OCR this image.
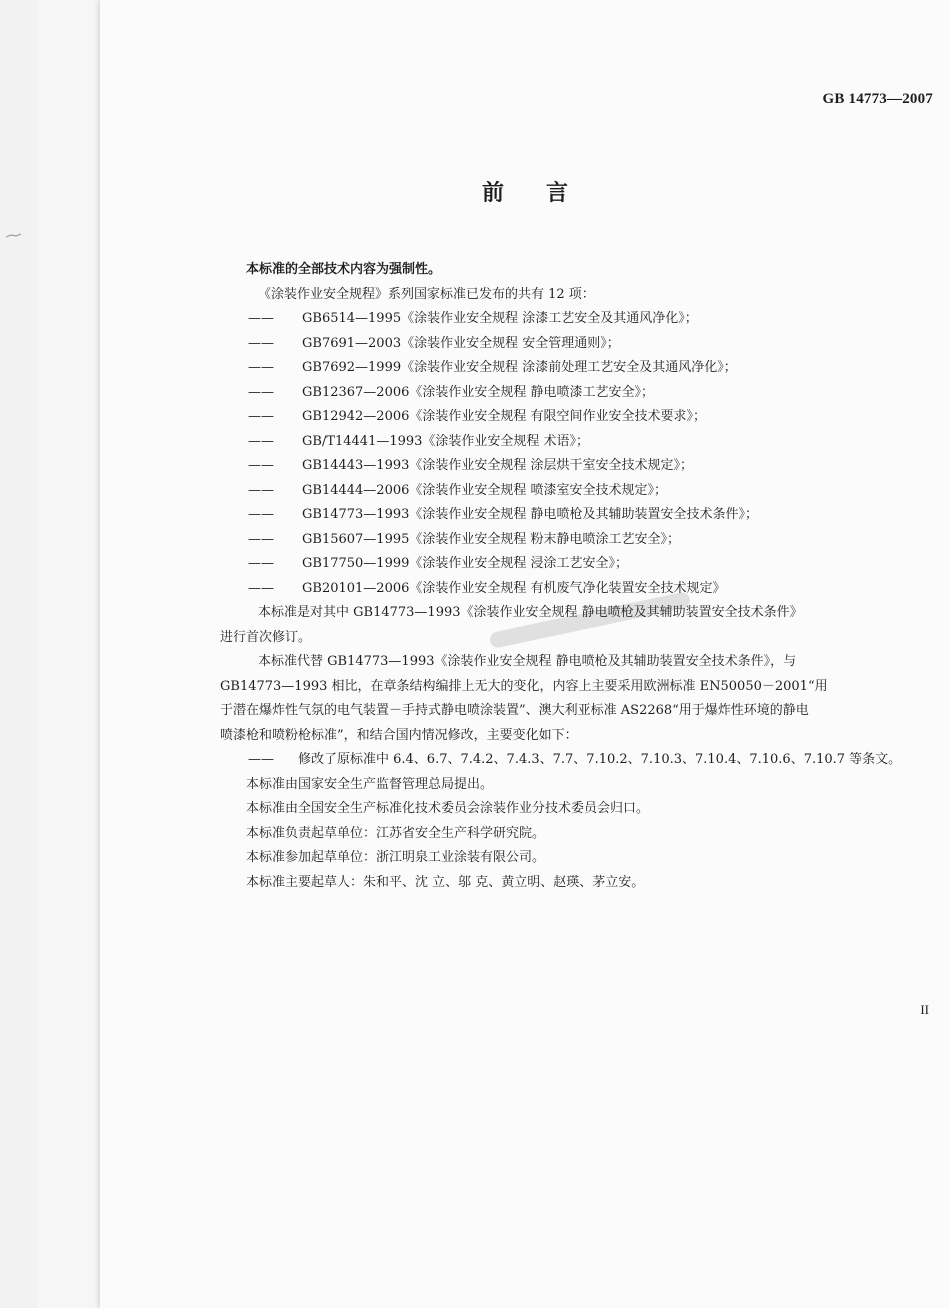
GB 14773—2007
前言
本标准的全部技术内容为强制性。
《涂装作业安全规程》系列国家标准已发布的共有 12 项：
——	GB6514—1995《涂装作业安全规程 涂漆工艺安全及其通风净化》；
——	GB7691—2003《涂装作业安全规程 安全管理通则》；
——	GB7692—1999《涂装作业安全规程 涂漆前处理工艺安全及其通风净化》；
——	GB12367—2006《涂装作业安全规程 静电喷漆工艺安全》；
——	GB12942—2006《涂装作业安全规程 有限空间作业安全技术要求》；
——	GB/T14441—1993《涂装作业安全规程 术语》；
——	GB14443—1993《涂装作业安全规程 涂层烘干室安全技术规定》；
——	GB14444—2006《涂装作业安全规程 喷漆室安全技术规定》；
——	GB14773—1993《涂装作业安全规程 静电喷枪及其辅助装置安全技术条件》；
——	GB15607—1995《涂装作业安全规程 粉末静电喷涂工艺安全》；
——	GB17750—1999《涂装作业安全规程 浸涂工艺安全》；
——	GB20101—2006《涂装作业安全规程 有机废气净化装置安全技术规定》
本标准是对其中 GB14773—1993《涂装作业安全规程 静电喷枪及其辅助装置安全技术条件》
进行首次修订。
本标准代替 GB14773—1993《涂装作业安全规程 静电喷枪及其辅助装置安全技术条件》，与
GB14773—1993 相比，在章条结构编排上无大的变化，内容上主要采用欧洲标准 EN50050－2001“用
于潜在爆炸性气氛的电气装置－手持式静电喷涂装置”、澳大利亚标准 AS2268“用于爆炸性环境的静电
喷漆枪和喷粉枪标准”，和结合国内情况修改，主要变化如下：
——	修改了原标准中 6.4、6.7、7.4.2、7.4.3、7.7、7.10.2、7.10.3、7.10.4、7.10.6、7.10.7 等条文。
本标准由国家安全生产监督管理总局提出。
本标准由全国安全生产标准化技术委员会涂装作业分技术委员会归口。
本标准负责起草单位：江苏省安全生产科学研究院。
本标准参加起草单位：浙江明泉工业涂装有限公司。
本标准主要起草人：朱和平、沈 立、邬 克、黄立明、赵瑛、茅立安。
II
